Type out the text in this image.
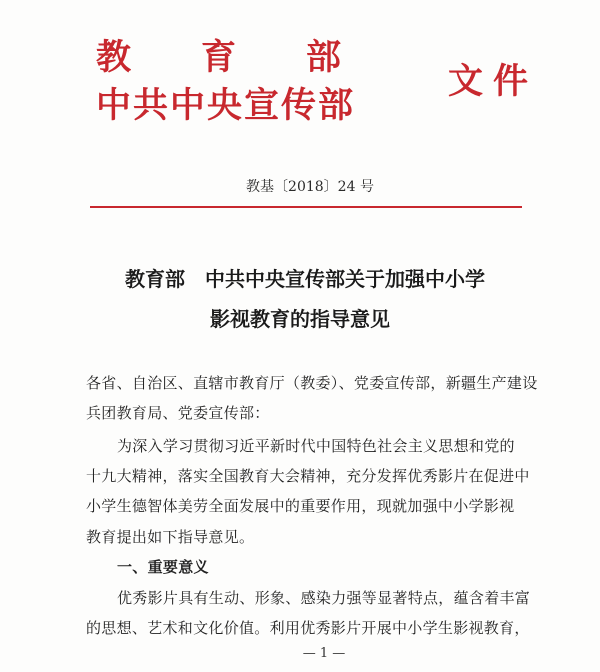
教　　育　　部
中共中央宣传部
文件
教基〔2018〕24 号
教育部　中共中央宣传部关于加强中小学
影视教育的指导意见
各省、自治区、直辖市教育厅（教委）、党委宣传部，新疆生产建设
兵团教育局、党委宣传部：
为深入学习贯彻习近平新时代中国特色社会主义思想和党的
十九大精神，落实全国教育大会精神，充分发挥优秀影片在促进中
小学生德智体美劳全面发展中的重要作用，现就加强中小学影视
教育提出如下指导意见。
一、重要意义
优秀影片具有生动、形象、感染力强等显著特点，蕴含着丰富
的思想、艺术和文化价值。利用优秀影片开展中小学生影视教育，
— 1 —
